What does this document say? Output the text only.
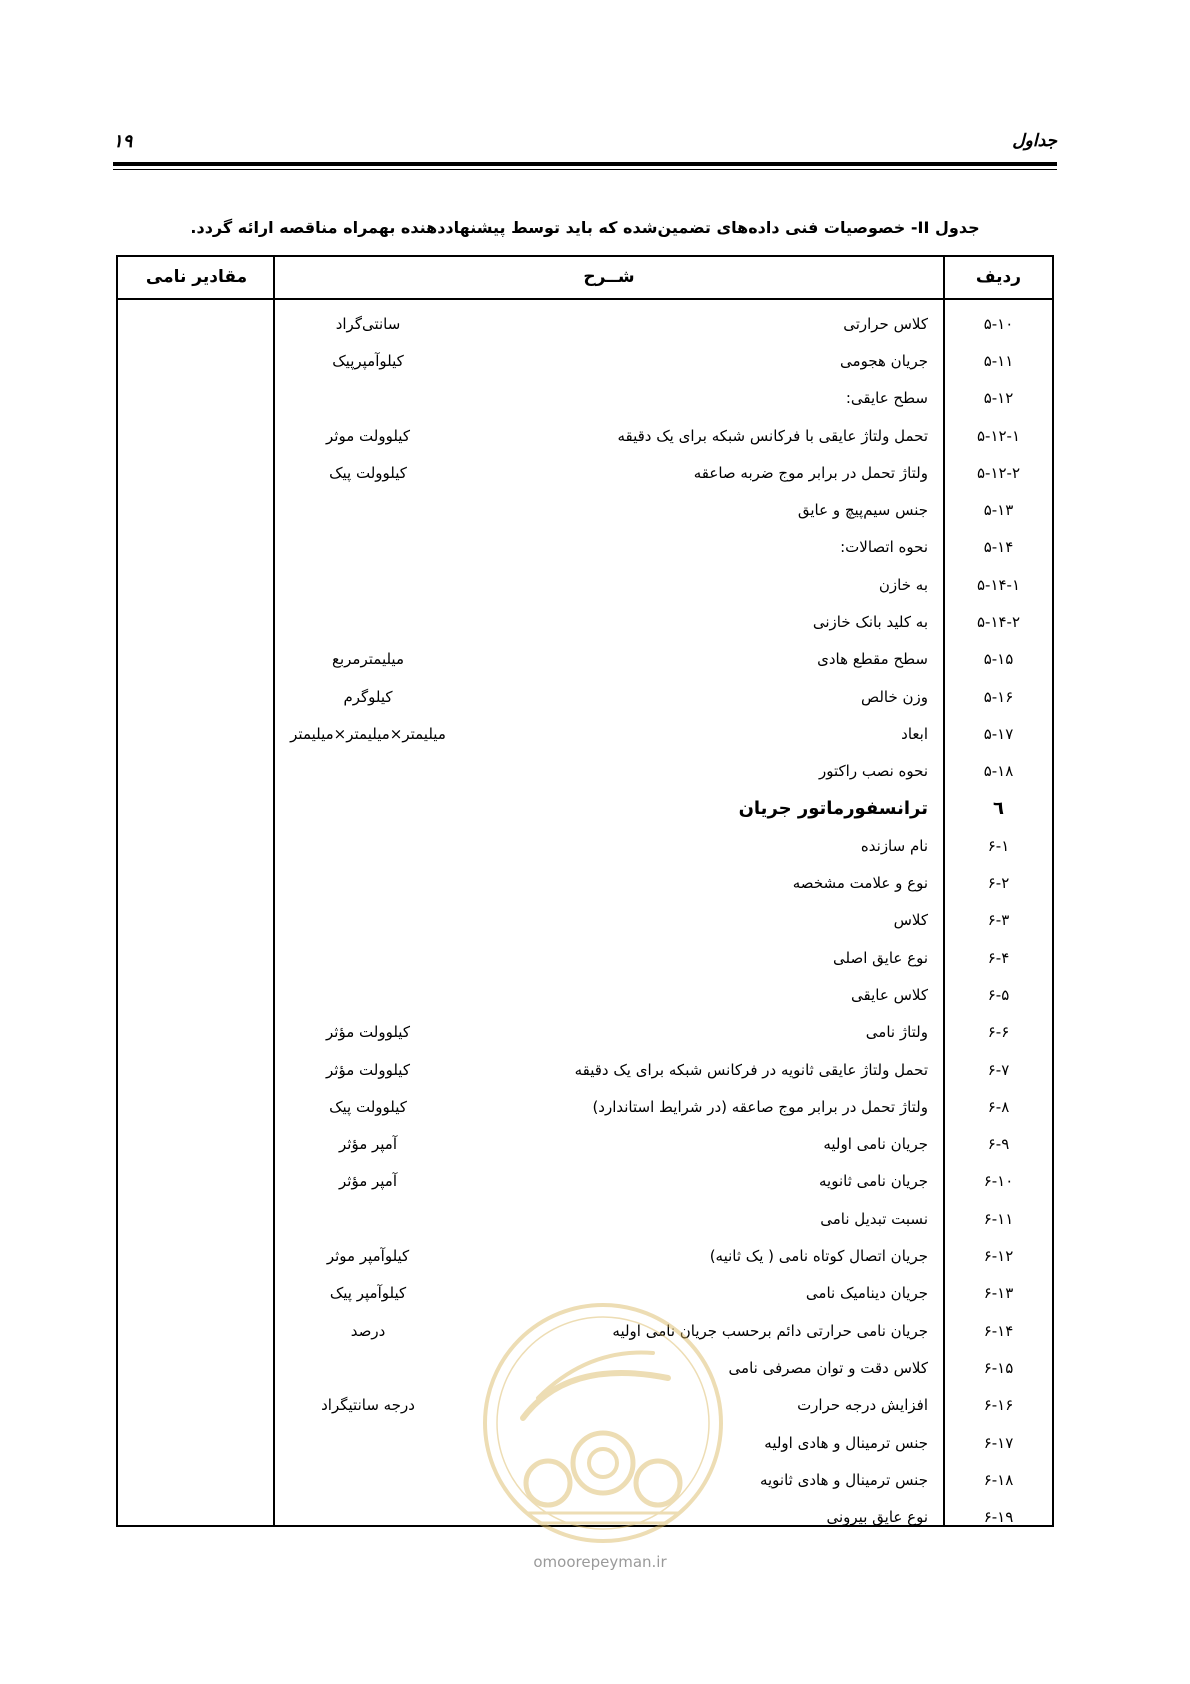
۱۹	جداول
جدول II- خصوصیات فنی داده‌های تضمین‌شده که باید توسط پیشنهاددهنده بهمراه مناقصه ارائه گردد.
ردیف
شــرح
مقادیر نامی
۵-۱۰
کلاس حرارتی
سانتی‌گراد
۵-۱۱
جریان هجومی
کیلوآمپرپیک
۵-۱۲
سطح عایقی:
۵-۱۲-۱
تحمل ولتاژ عایقی با فرکانس شبکه برای یک دقیقه
کیلوولت موثر
۵-۱۲-۲
ولتاژ تحمل در برابر موج ضربه صاعقه
کیلوولت پیک
۵-۱۳
جنس سیم‌پیچ و عایق
۵-۱۴
نحوه اتصالات:
۵-۱۴-۱
به خازن
۵-۱۴-۲
به کلید بانک خازنی
۵-۱۵
سطح مقطع هادی
میلیمترمربع
۵-۱۶
وزن خالص
کیلوگرم
۵-۱۷
ابعاد
میلیمتر×میلیمتر×میلیمتر
۵-۱۸
نحوه نصب راکتور
٦
ترانسفورماتور جریان
۶-۱
نام سازنده
۶-۲
نوع و علامت مشخصه
۶-۳
کلاس
۶-۴
نوع عایق اصلی
۶-۵
کلاس عایقی
۶-۶
ولتاژ نامی
کیلوولت مؤثر
۶-۷
تحمل ولتاژ عایقی ثانویه در فرکانس شبکه برای یک دقیقه
کیلوولت مؤثر
۶-۸
ولتاژ تحمل در برابر موج صاعقه (در شرایط استاندارد)
کیلوولت پیک
۶-۹
جریان نامی اولیه
آمپر مؤثر
۶-۱۰
جریان نامی ثانویه
آمپر مؤثر
۶-۱۱
نسبت تبدیل نامی
۶-۱۲
جریان اتصال کوتاه نامی ( یک ثانیه)
کیلوآمپر موثر
۶-۱۳
جریان دینامیک نامی
کیلوآمپر پیک
۶-۱۴
جریان نامی حرارتی دائم برحسب جریان نامی اولیه
درصد
۶-۱۵
کلاس دقت و توان مصرفی نامی
۶-۱۶
افزایش درجه حرارت
درجه سانتیگراد
۶-۱۷
جنس ترمینال و هادی اولیه
۶-۱۸
جنس ترمینال و هادی ثانویه
۶-۱۹
نوع عایق بیرونی
omoorepeyman.ir
